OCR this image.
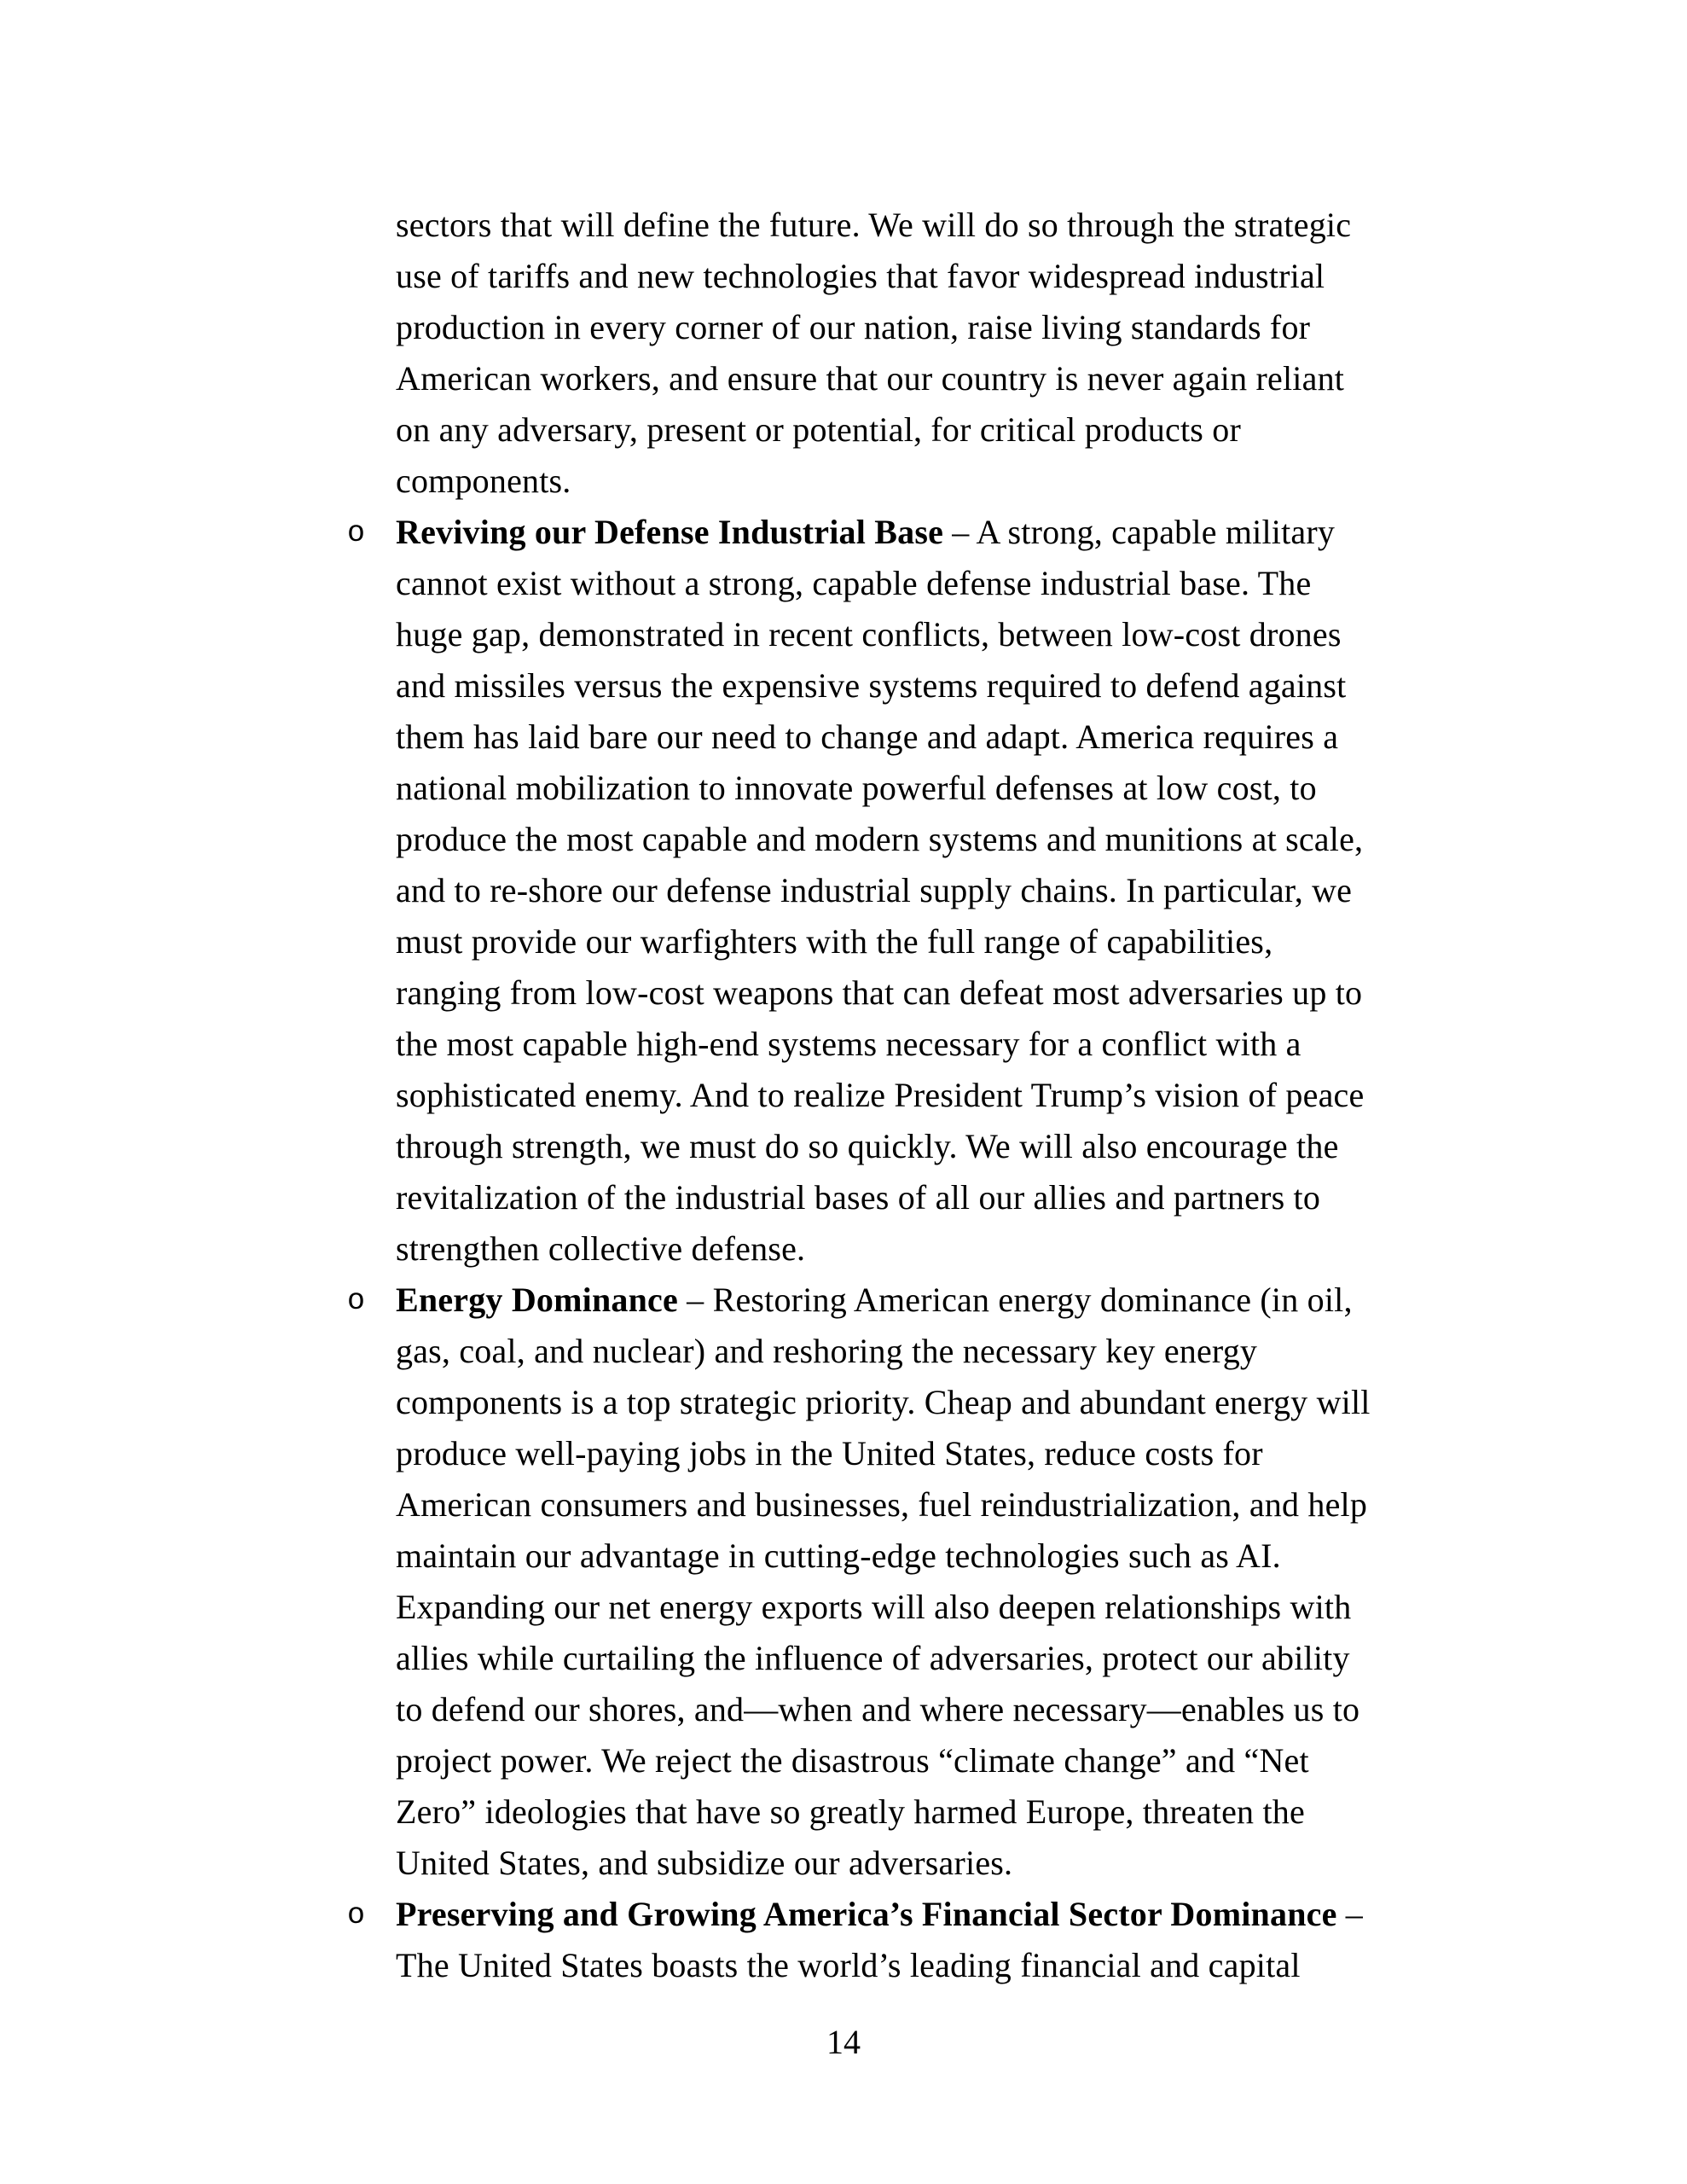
sectors that will define the future. We will do so through the strategic
use of tariffs and new technologies that favor widespread industrial
production in every corner of our nation, raise living standards for
American workers, and ensure that our country is never again reliant
on any adversary, present or potential, for critical products or
components.
o Reviving our Defense Industrial Base – A strong, capable military
cannot exist without a strong, capable defense industrial base. The
huge gap, demonstrated in recent conflicts, between low-cost drones
and missiles versus the expensive systems required to defend against
them has laid bare our need to change and adapt. America requires a
national mobilization to innovate powerful defenses at low cost, to
produce the most capable and modern systems and munitions at scale,
and to re-shore our defense industrial supply chains. In particular, we
must provide our warfighters with the full range of capabilities,
ranging from low-cost weapons that can defeat most adversaries up to
the most capable high-end systems necessary for a conflict with a
sophisticated enemy. And to realize President Trump’s vision of peace
through strength, we must do so quickly. We will also encourage the
revitalization of the industrial bases of all our allies and partners to
strengthen collective defense.
o Energy Dominance – Restoring American energy dominance (in oil,
gas, coal, and nuclear) and reshoring the necessary key energy
components is a top strategic priority. Cheap and abundant energy will
produce well-paying jobs in the United States, reduce costs for
American consumers and businesses, fuel reindustrialization, and help
maintain our advantage in cutting-edge technologies such as AI.
Expanding our net energy exports will also deepen relationships with
allies while curtailing the influence of adversaries, protect our ability
to defend our shores, and—when and where necessary—enables us to
project power. We reject the disastrous “climate change” and “Net
Zero” ideologies that have so greatly harmed Europe, threaten the
United States, and subsidize our adversaries.
o Preserving and Growing America’s Financial Sector Dominance –
The United States boasts the world’s leading financial and capital
14
